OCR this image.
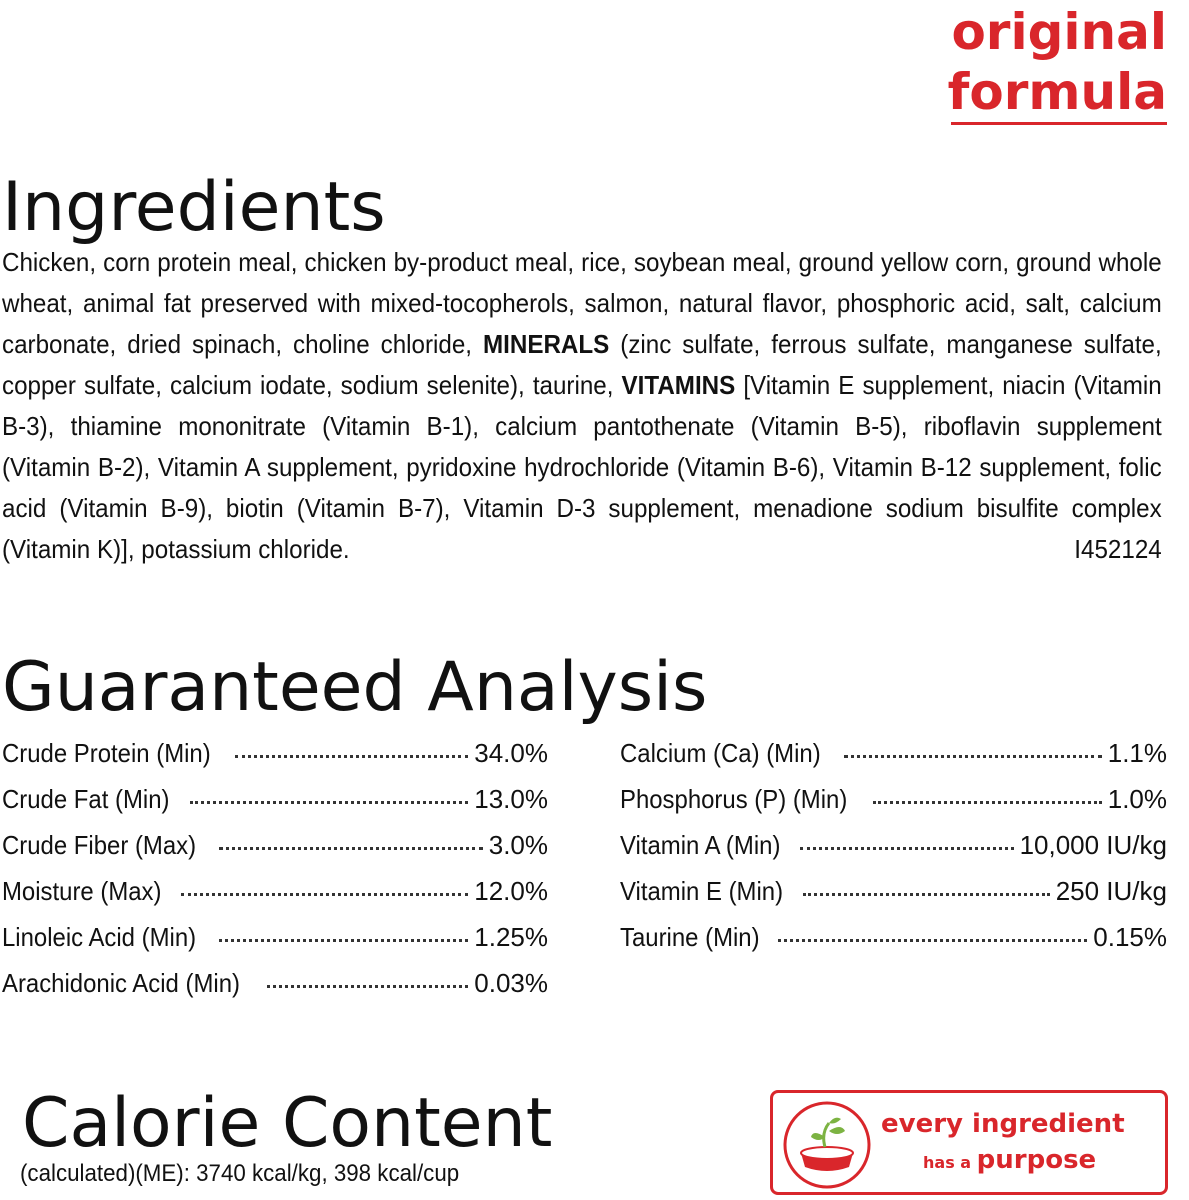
original
formula
Ingredients
Chicken, corn protein meal, chicken by-product meal, rice, soybean meal, ground yellow corn, ground whole wheat, animal fat preserved with mixed-tocopherols, salmon, natural flavor, phosphoric acid, salt, calcium carbonate, dried spinach, choline chloride, MINERALS (zinc sulfate, ferrous sulfate, manganese sulfate, copper sulfate, calcium iodate, sodium selenite), taurine, VITAMINS [Vitamin E supplement, niacin (Vitamin B-3), thiamine mononitrate (Vitamin B-1), calcium pantothenate (Vitamin B-5), riboflavin supplement (Vitamin B-2), Vitamin A supplement, pyridoxine hydrochloride (Vitamin B-6), Vitamin B-12 supplement, folic acid (Vitamin B-9), biotin (Vitamin B-7), Vitamin D-3 supplement, menadione sodium bisulfite complex (Vitamin K)], potassium chloride.	I452124
Guaranteed Analysis
Crude Protein (Min)	34.0%
Crude Fat (Min)	13.0%
Crude Fiber (Max)	3.0%
Moisture (Max)	12.0%
Linoleic Acid (Min)	1.25%
Arachidonic Acid (Min)	0.03%
Calcium (Ca) (Min)	1.1%
Phosphorus (P) (Min)	1.0%
Vitamin A (Min)	10,000 IU/kg
Vitamin E (Min)	250 IU/kg
Taurine (Min)	0.15%
Calorie Content
(calculated)(ME): 3740 kcal/kg, 398 kcal/cup
every ingredient
has a purpose
